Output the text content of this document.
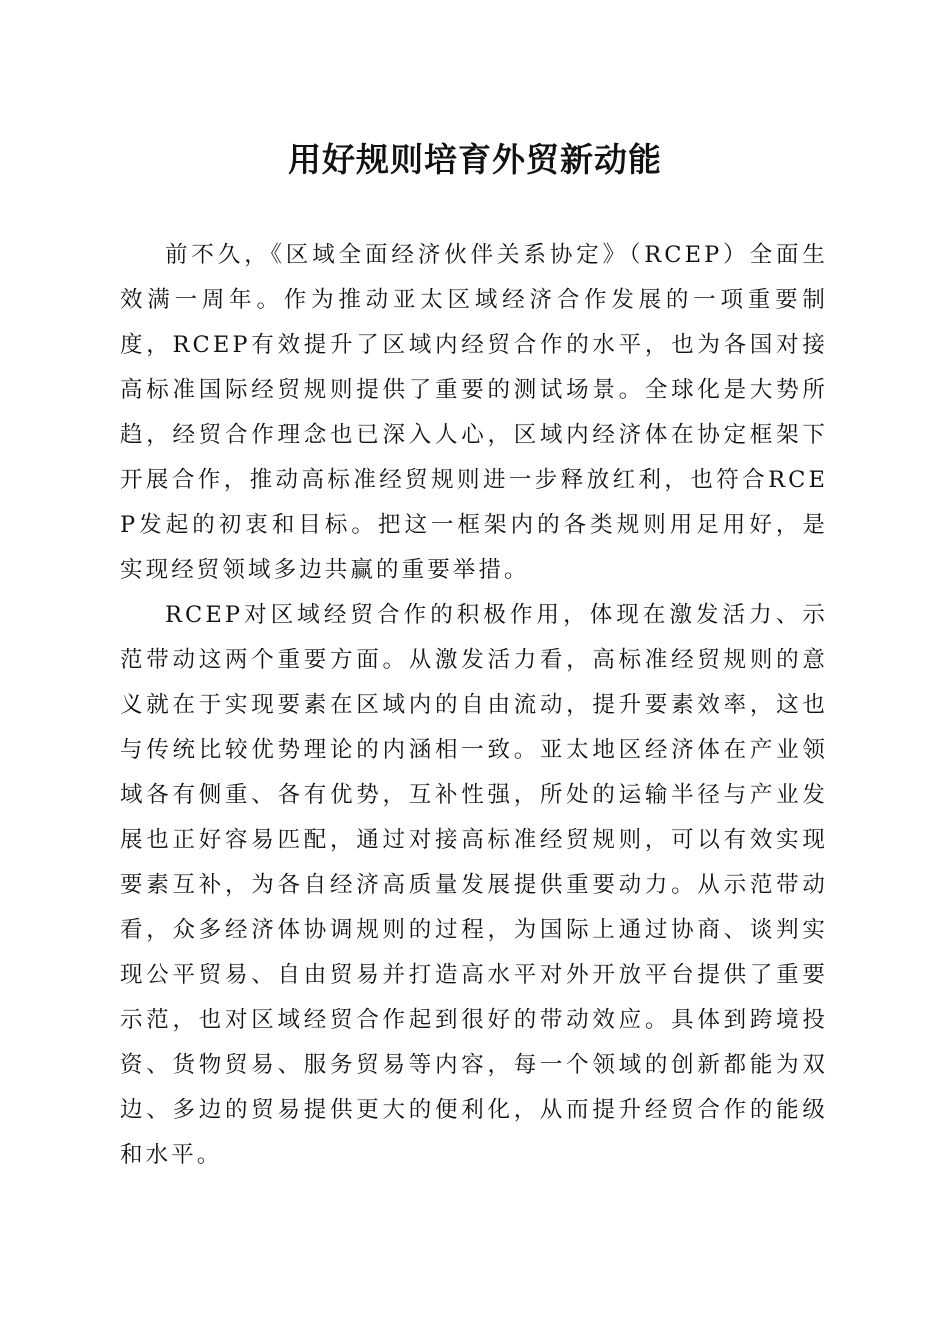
用好规则培育外贸新动能

前不久，《区域全面经济伙伴关系协定》（RCEP）全面生效满一周年。作为推动亚太区域经济合作发展的一项重要制度，RCEP有效提升了区域内经贸合作的水平，也为各国对接高标准国际经贸规则提供了重要的测试场景。全球化是大势所趋，经贸合作理念也已深入人心，区域内经济体在协定框架下开展合作，推动高标准经贸规则进一步释放红利，也符合RCEP发起的初衷和目标。把这一框架内的各类规则用足用好，是实现经贸领域多边共赢的重要举措。

RCEP对区域经贸合作的积极作用，体现在激发活力、示范带动这两个重要方面。从激发活力看，高标准经贸规则的意义就在于实现要素在区域内的自由流动，提升要素效率，这也与传统比较优势理论的内涵相一致。亚太地区经济体在产业领域各有侧重、各有优势，互补性强，所处的运输半径与产业发展也正好容易匹配，通过对接高标准经贸规则，可以有效实现要素互补，为各自经济高质量发展提供重要动力。从示范带动看，众多经济体协调规则的过程，为国际上通过协商、谈判实现公平贸易、自由贸易并打造高水平对外开放平台提供了重要示范，也对区域经贸合作起到很好的带动效应。具体到跨境投资、货物贸易、服务贸易等内容，每一个领域的创新都能为双边、多边的贸易提供更大的便利化，从而提升经贸合作的能级和水平。
